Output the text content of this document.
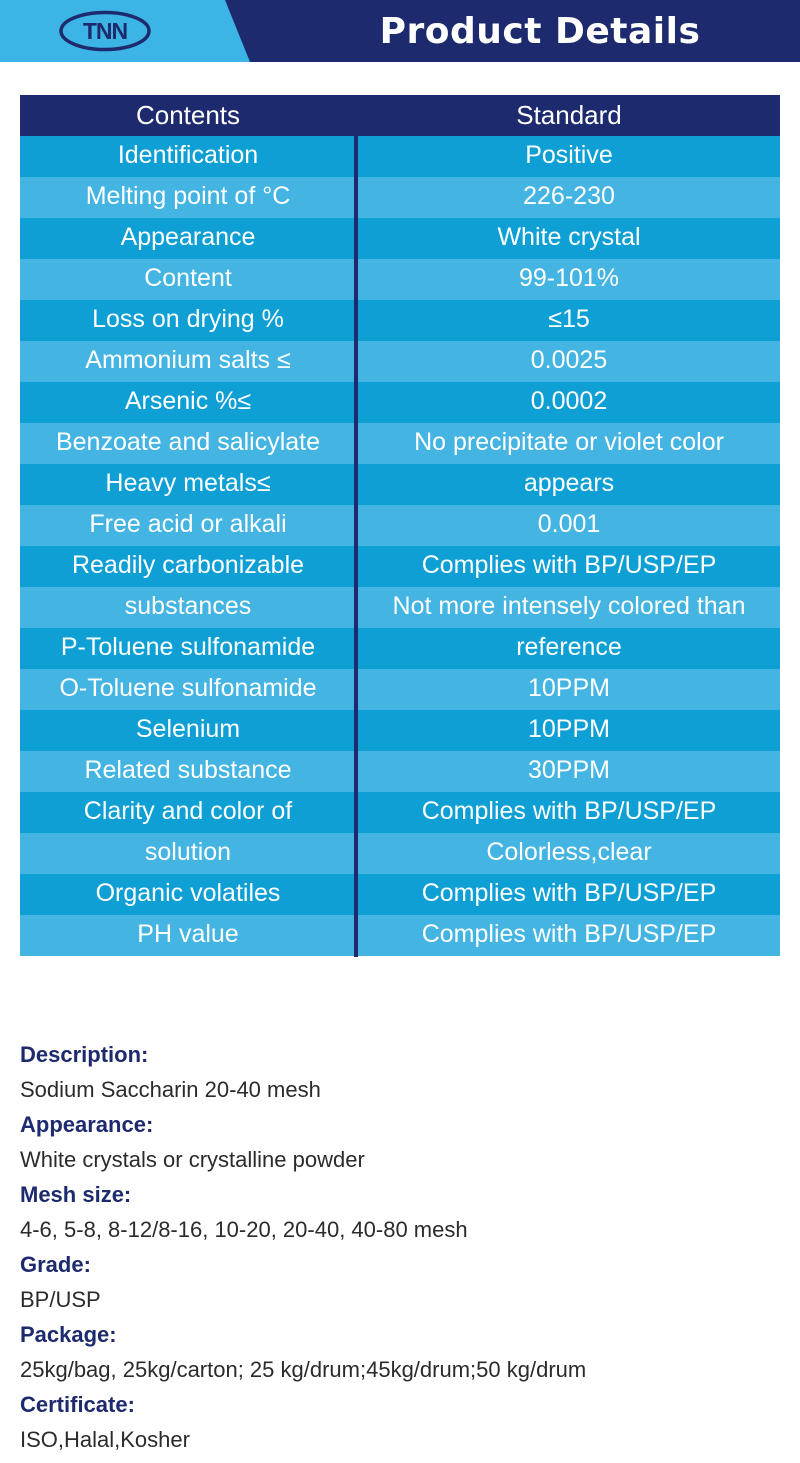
TNN	Product Details
Contents	Standard
Identification	Positive
Melting point of °C	226-230
Appearance	White crystal
Content	99-101%
Loss on drying %	≤15
Ammonium salts ≤	0.0025
Arsenic %≤	0.0002
Benzoate and salicylate	No precipitate or violet color
Heavy metals≤	appears
Free acid or alkali	0.001
Readily carbonizable	Complies with BP/USP/EP
substances	Not more intensely colored than
P-Toluene sulfonamide	reference
O-Toluene sulfonamide	10PPM
Selenium	10PPM
Related substance	30PPM
Clarity and color of	Complies with BP/USP/EP
solution	Colorless,clear
Organic volatiles	Complies with BP/USP/EP
PH value	Complies with BP/USP/EP
Description:
Sodium Saccharin 20-40 mesh
Appearance:
White crystals or crystalline powder
Mesh size:
4-6, 5-8, 8-12/8-16, 10-20, 20-40, 40-80 mesh
Grade:
BP/USP
Package:
25kg/bag, 25kg/carton; 25 kg/drum;45kg/drum;50 kg/drum
Certificate:
ISO,Halal,Kosher
